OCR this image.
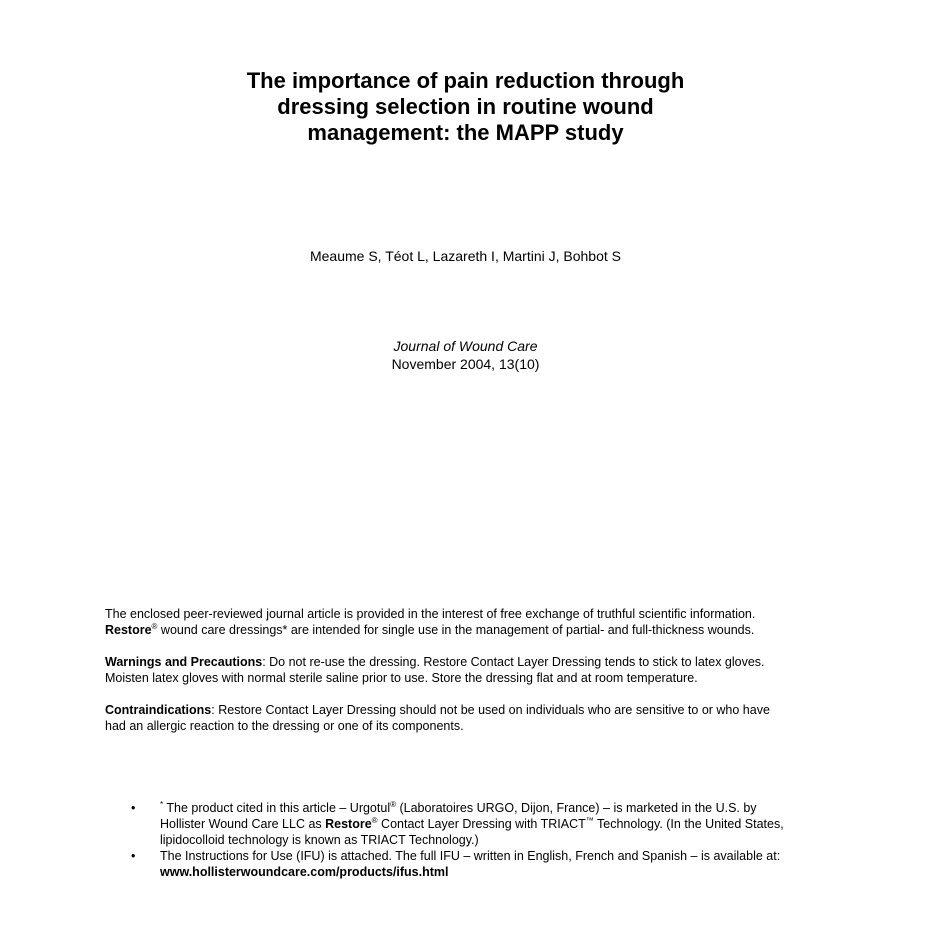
The importance of pain reduction through
dressing selection in routine wound
management: the MAPP study
Meaume S, Téot L, Lazareth I, Martini J, Bohbot S
Journal of Wound Care
November 2004, 13(10)

The enclosed peer-reviewed journal article is provided in the interest of free exchange of truthful scientific information. Restore® wound care dressings* are intended for single use in the management of partial- and full-thickness wounds.

Warnings and Precautions: Do not re-use the dressing. Restore Contact Layer Dressing tends to stick to latex gloves. Moisten latex gloves with normal sterile saline prior to use. Store the dressing flat and at room temperature.

Contraindications: Restore Contact Layer Dressing should not be used on individuals who are sensitive to or who have had an allergic reaction to the dressing or one of its components.

•	* The product cited in this article – Urgotul® (Laboratoires URGO, Dijon, France) – is marketed in the U.S. by Hollister Wound Care LLC as Restore® Contact Layer Dressing with TRIACT™ Technology. (In the United States, lipidocolloid technology is known as TRIACT Technology.)
• The Instructions for Use (IFU) is attached. The full IFU – written in English, French and Spanish – is available at: www.hollisterwoundcare.com/products/ifus.html
